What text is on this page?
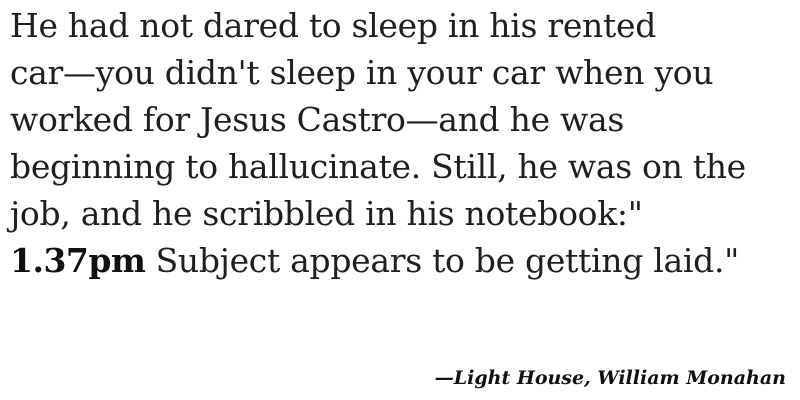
He had not dared to sleep in his rented
car—you didn't sleep in your car when you
worked for Jesus Castro—and he was
beginning to hallucinate. Still, he was on the
job, and he scribbled in his notebook:"
1.37pm Subject appears to be getting laid."
—Light House, William Monahan
